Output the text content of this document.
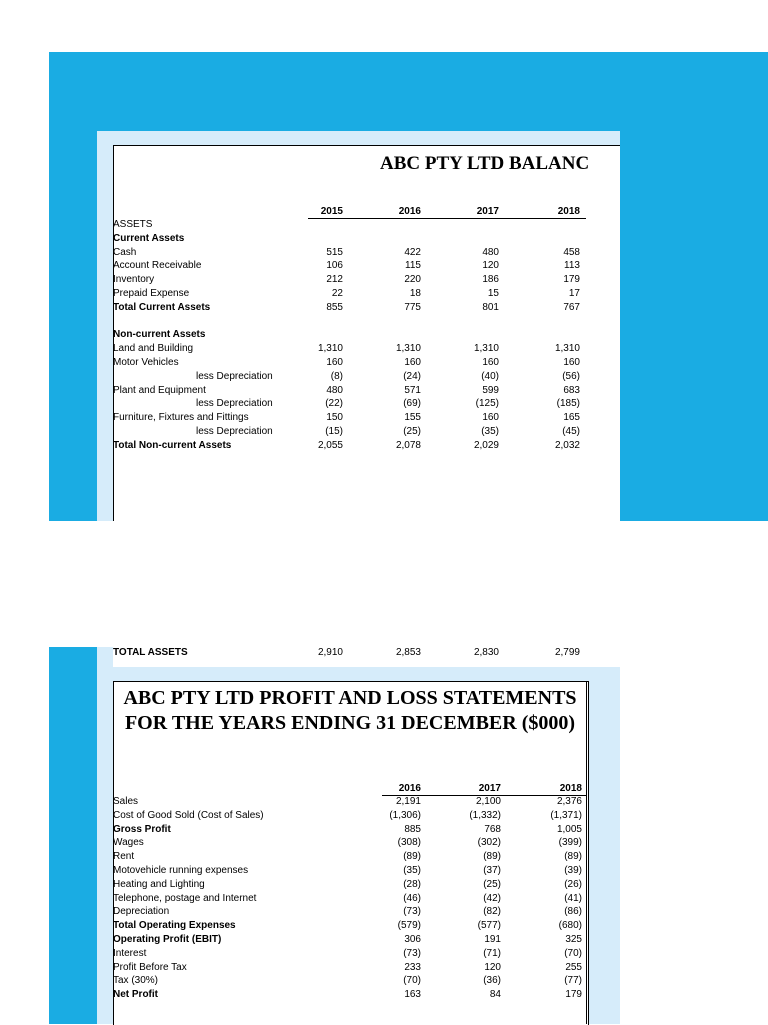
ABC PTY LTD BALANC
2015	2016	2017	2018
ASSETS
Current Assets
Cash	515	422	480	458
Account Receivable	106	115	120	113
Inventory	212	220	186	179
Prepaid Expense	22	18	15	17
Total Current Assets	855	775	801	767
Non-current Assets
Land and Building	1,310	1,310	1,310	1,310
Motor Vehicles	160	160	160	160
less Depreciation	(8)	(24)	(40)	(56)
Plant and Equipment	480	571	599	683
less Depreciation	(22)	(69)	(125)	(185)
Furniture, Fixtures and Fittings	150	155	160	165
less Depreciation	(15)	(25)	(35)	(45)
Total Non-current Assets	2,055	2,078	2,029	2,032
TOTAL ASSETS	2,910	2,853	2,830	2,799
ABC PTY LTD PROFIT AND LOSS STATEMENTS FOR THE YEARS ENDING 31 DECEMBER ($000)
2016	2017	2018
Sales	2,191	2,100	2,376
Cost of Good Sold (Cost of Sales)	(1,306)	(1,332)	(1,371)
Gross Profit	885	768	1,005
Wages	(308)	(302)	(399)
Rent	(89)	(89)	(89)
Motovehicle running expenses	(35)	(37)	(39)
Heating and Lighting	(28)	(25)	(26)
Telephone, postage and Internet	(46)	(42)	(41)
Depreciation	(73)	(82)	(86)
Total Operating Expenses	(579)	(577)	(680)
Operating Profit (EBIT)	306	191	325
Interest	(73)	(71)	(70)
Profit Before Tax	233	120	255
Tax (30%)	(70)	(36)	(77)
Net Profit	163	84	179
